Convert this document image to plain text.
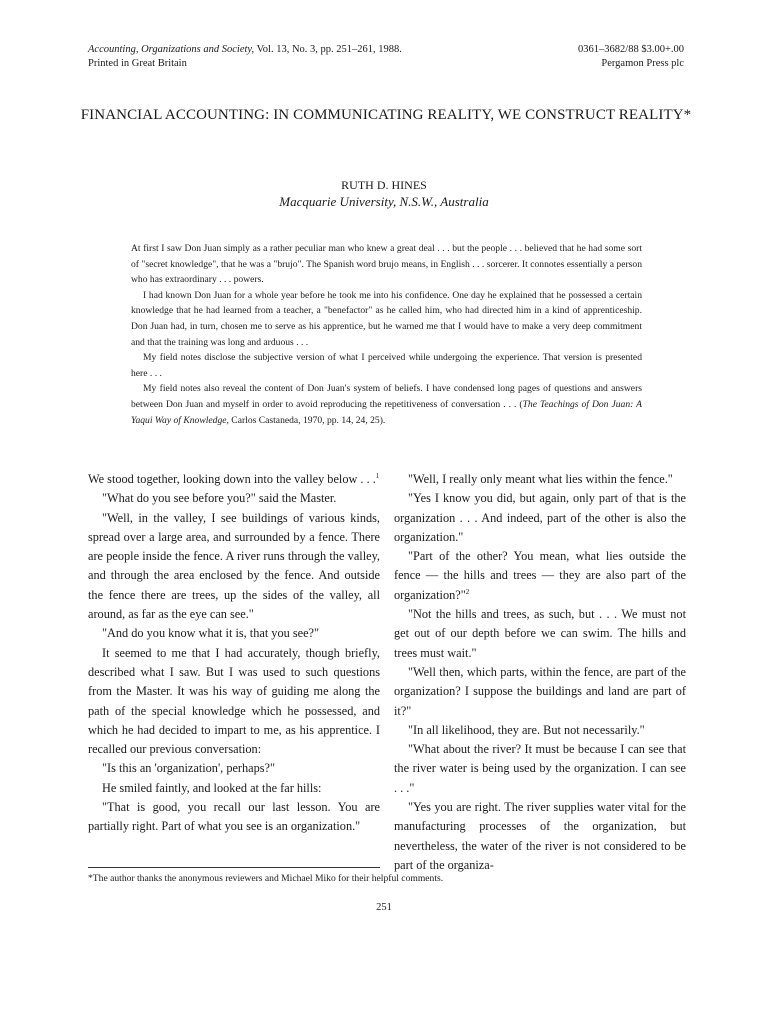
Accounting, Organizations and Society, Vol. 13, No. 3, pp. 251–261, 1988.
Printed in Great Britain
0361–3682/88 $3.00+.00
Pergamon Press plc
FINANCIAL ACCOUNTING: IN COMMUNICATING REALITY, WE CONSTRUCT REALITY*
RUTH D. HINES
Macquarie University, N.S.W., Australia

At first I saw Don Juan simply as a rather peculiar man who knew a great deal . . . but the people . . . believed that he had some sort of "secret knowledge", that he was a "brujo". The Spanish word brujo means, in English . . . sorcerer. It connotes essentially a person who has extraordinary . . . powers.

I had known Don Juan for a whole year before he took me into his confidence. One day he explained that he possessed a certain knowledge that he had learned from a teacher, a "benefactor" as he called him, who had directed him in a kind of apprenticeship. Don Juan had, in turn, chosen me to serve as his apprentice, but he warned me that I would have to make a very deep commitment and that the training was long and arduous . . .

My field notes disclose the subjective version of what I perceived while undergoing the experience. That version is presented here . . .

My field notes also reveal the content of Don Juan's system of beliefs. I have condensed long pages of questions and answers between Don Juan and myself in order to avoid reproducing the repetitiveness of conversation . . . (The Teachings of Don Juan: A Yaqui Way of Knowledge, Carlos Castaneda, 1970, pp. 14, 24, 25).

We stood together, looking down into the valley below . . .$^1$

"What do you see before you?" said the Master.

"Well, in the valley, I see buildings of various kinds, spread over a large area, and surrounded by a fence. There are people inside the fence. A river runs through the valley, and through the area enclosed by the fence. And outside the fence there are trees, up the sides of the valley, all around, as far as the eye can see."

"And do you know what it is, that you see?"

It seemed to me that I had accurately, though briefly, described what I saw. But I was used to such questions from the Master. It was his way of guiding me along the path of the special knowledge which he possessed, and which he had decided to impart to me, as his apprentice. I recalled our previous conversation:

"Is this an 'organization', perhaps?"

He smiled faintly, and looked at the far hills:

"That is good, you recall our last lesson. You are partially right. Part of what you see is an organization."

"Well, I really only meant what lies within the fence."

"Yes I know you did, but again, only part of that is the organization . . . And indeed, part of the other is also the organization."

"Part of the other? You mean, what lies outside the fence — the hills and trees — they are also part of the organization?"$^2$

"Not the hills and trees, as such, but . . . We must not get out of our depth before we can swim. The hills and trees must wait."

"Well then, which parts, within the fence, are part of the organization? I suppose the buildings and land are part of it?"

"In all likelihood, they are. But not necessarily."

"What about the river? It must be because I can see that the river water is being used by the organization. I can see . . ."

"Yes you are right. The river supplies water vital for the manufacturing processes of the organization, but nevertheless, the water of the river is not considered to be part of the organiza-

*The author thanks the anonymous reviewers and Michael Miko for their helpful comments.
251
